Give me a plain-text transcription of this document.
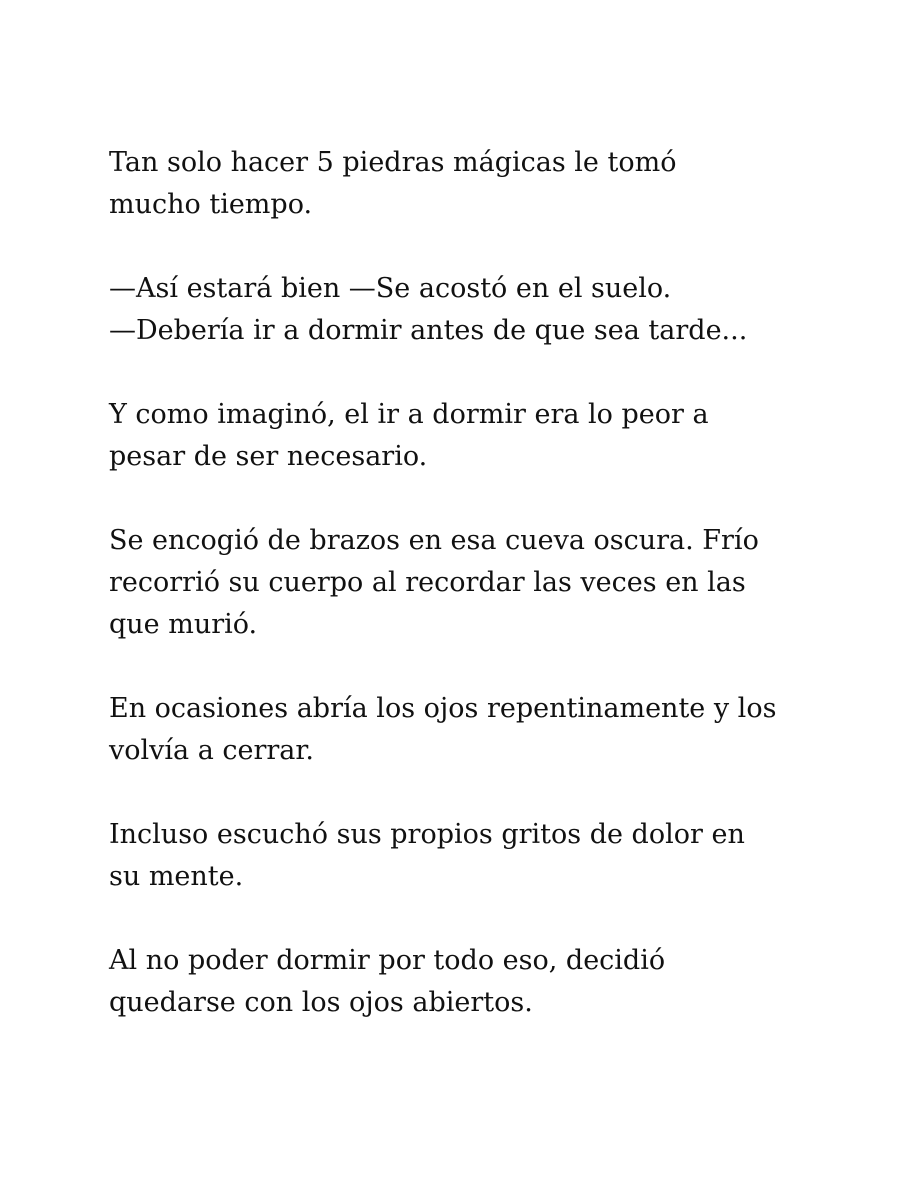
Tan solo hacer 5 piedras mágicas le tomó
mucho tiempo.

—Así estará bien —Se acostó en el suelo.
—Debería ir a dormir antes de que sea tarde...

Y como imaginó, el ir a dormir era lo peor a
pesar de ser necesario.

Se encogió de brazos en esa cueva oscura. Frío
recorrió su cuerpo al recordar las veces en las
que murió.

En ocasiones abría los ojos repentinamente y los
volvía a cerrar.

Incluso escuchó sus propios gritos de dolor en
su mente.

Al no poder dormir por todo eso, decidió
quedarse con los ojos abiertos.
